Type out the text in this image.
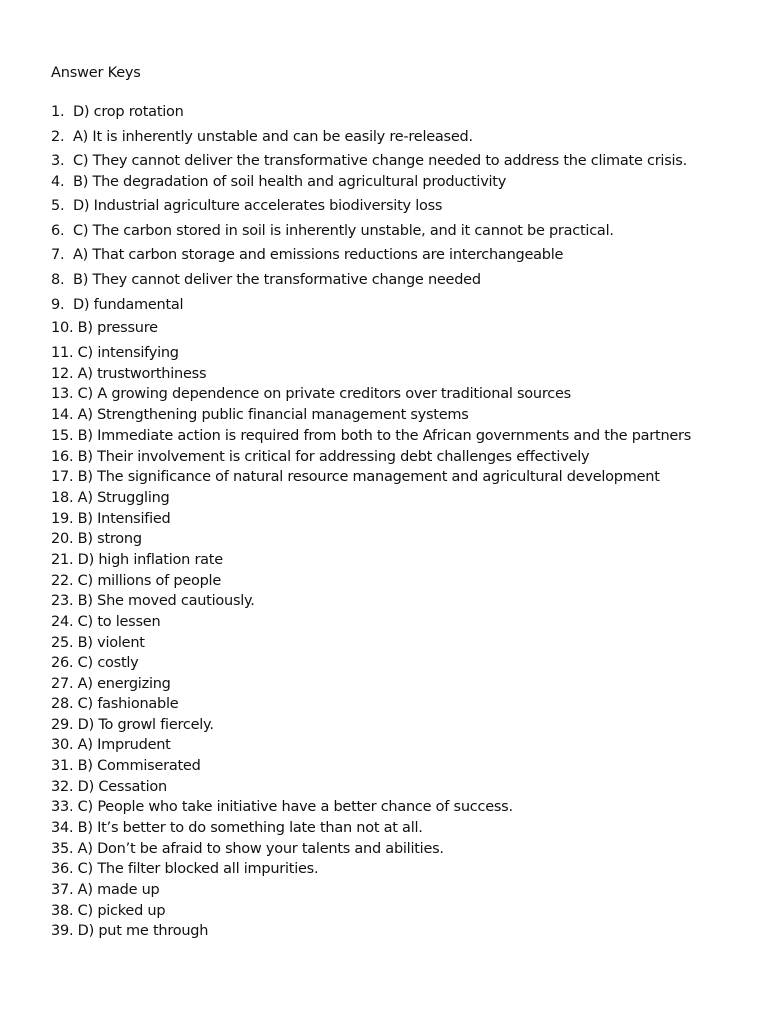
Answer Keys
1. D) crop rotation
2. A) It is inherently unstable and can be easily re-released.
3. C) They cannot deliver the transformative change needed to address the climate crisis.
4. B) The degradation of soil health and agricultural productivity
5. D) Industrial agriculture accelerates biodiversity loss
6. C) The carbon stored in soil is inherently unstable, and it cannot be practical.
7. A) That carbon storage and emissions reductions are interchangeable
8. B) They cannot deliver the transformative change needed
9. D) fundamental
10. B) pressure
11. C) intensifying
12. A) trustworthiness
13. C) A growing dependence on private creditors over traditional sources
14. A) Strengthening public financial management systems
15. B) Immediate action is required from both to the African governments and the partners
16. B) Their involvement is critical for addressing debt challenges effectively
17. B) The significance of natural resource management and agricultural development
18. A) Struggling
19. B) Intensified
20. B) strong
21. D) high inflation rate
22. C) millions of people
23. B) She moved cautiously.
24. C) to lessen
25. B) violent
26. C) costly
27. A) energizing
28. C) fashionable
29. D) To growl fiercely.
30. A) Imprudent
31. B) Commiserated
32. D) Cessation
33. C) People who take initiative have a better chance of success.
34. B) It’s better to do something late than not at all.
35. A) Don’t be afraid to show your talents and abilities.
36. C) The filter blocked all impurities.
37. A) made up
38. C) picked up
39. D) put me through
